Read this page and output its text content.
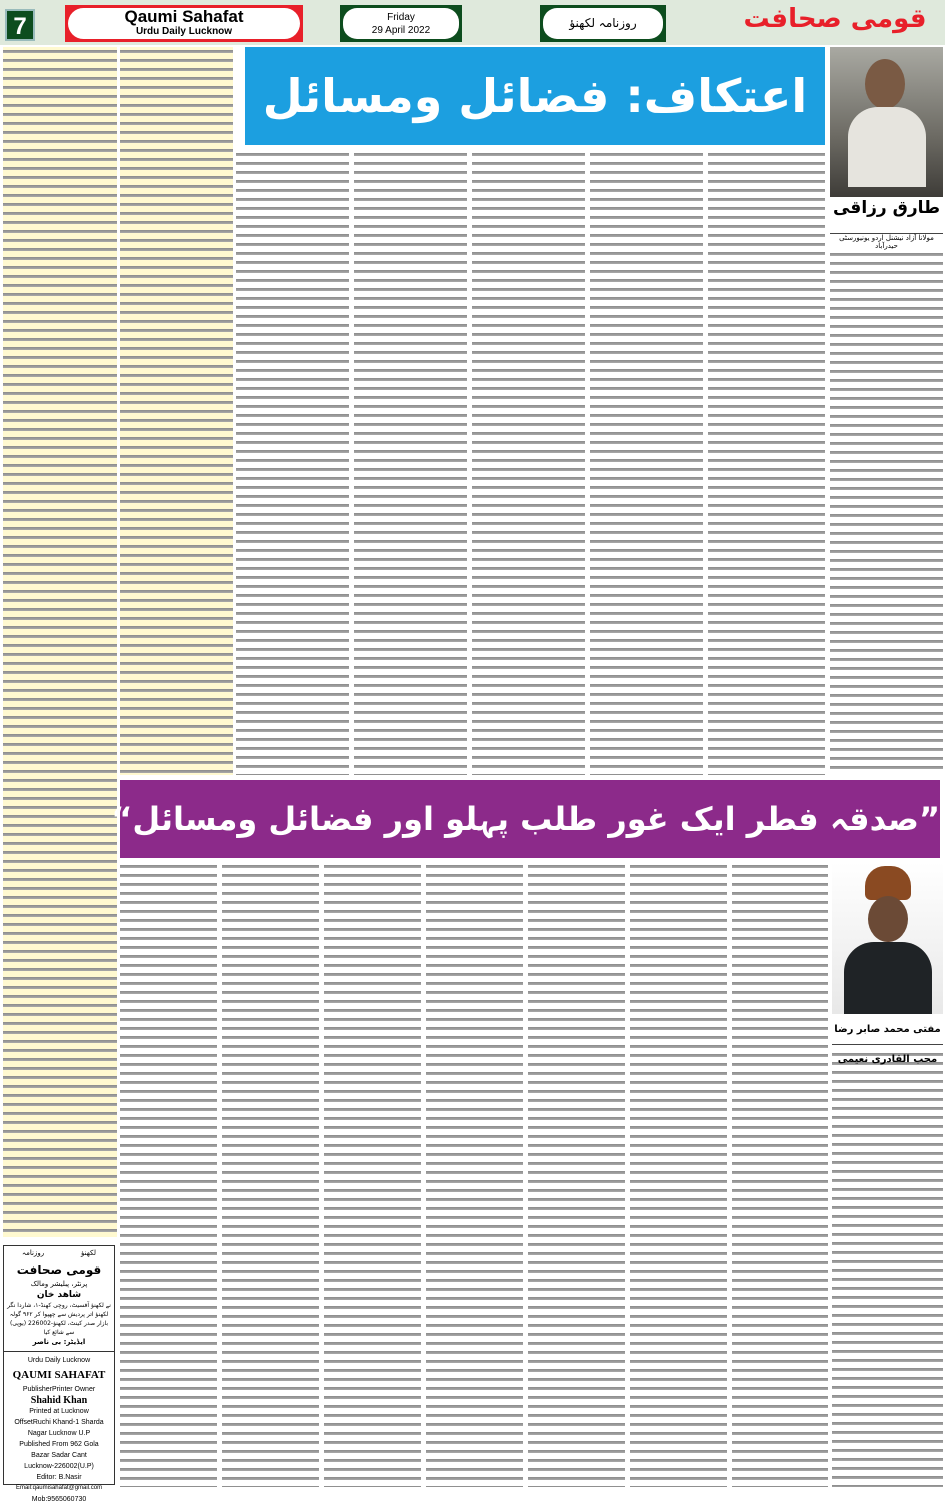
7	Qaumi Sahafat
Urdu Daily Lucknow
Friday
29 April 2022
روزنامہ لکھنؤ	قومی صحافت
طارق رزاقی
مولانا آزاد نیشنل اردو یونیورسٹی حیدرآباد
اعتکاف: فضائل ومسائل
”صدقہ فطر ایک غور طلب پہلو اور فضائل ومسائل“
مفتی محمد صابر رضا محب القادری نعیمی
لکھنؤ
روزنامہ
قومی صحافت
پرنٹر، پبلیشر ومالک
شاھد خان
نے لکھنؤ آفسیٹ، روچی کھنڈ-۱، شاردا نگر لکھنؤ اتر پردیش سے چھپوا کر ۹۶۲ گولہ بازار صدر کینٹ، لکھنؤ-226002 (یوپی) سے شائع کیا
ایڈیٹر: بی ناصر
Urdu Daily Lucknow
QAUMI SAHAFAT
PublisherPrinter Owner
Shahid Khan
Printed at Lucknow
OffsetRuchi Khand-1 Sharda
Nagar Lucknow U.P
Published From 962 Gola
Bazar Sadar Cant
Lucknow-226002(U.P)
Editor: B.Nasir
Email:qaumisahafat@gmail.com
Mob:9565060730
